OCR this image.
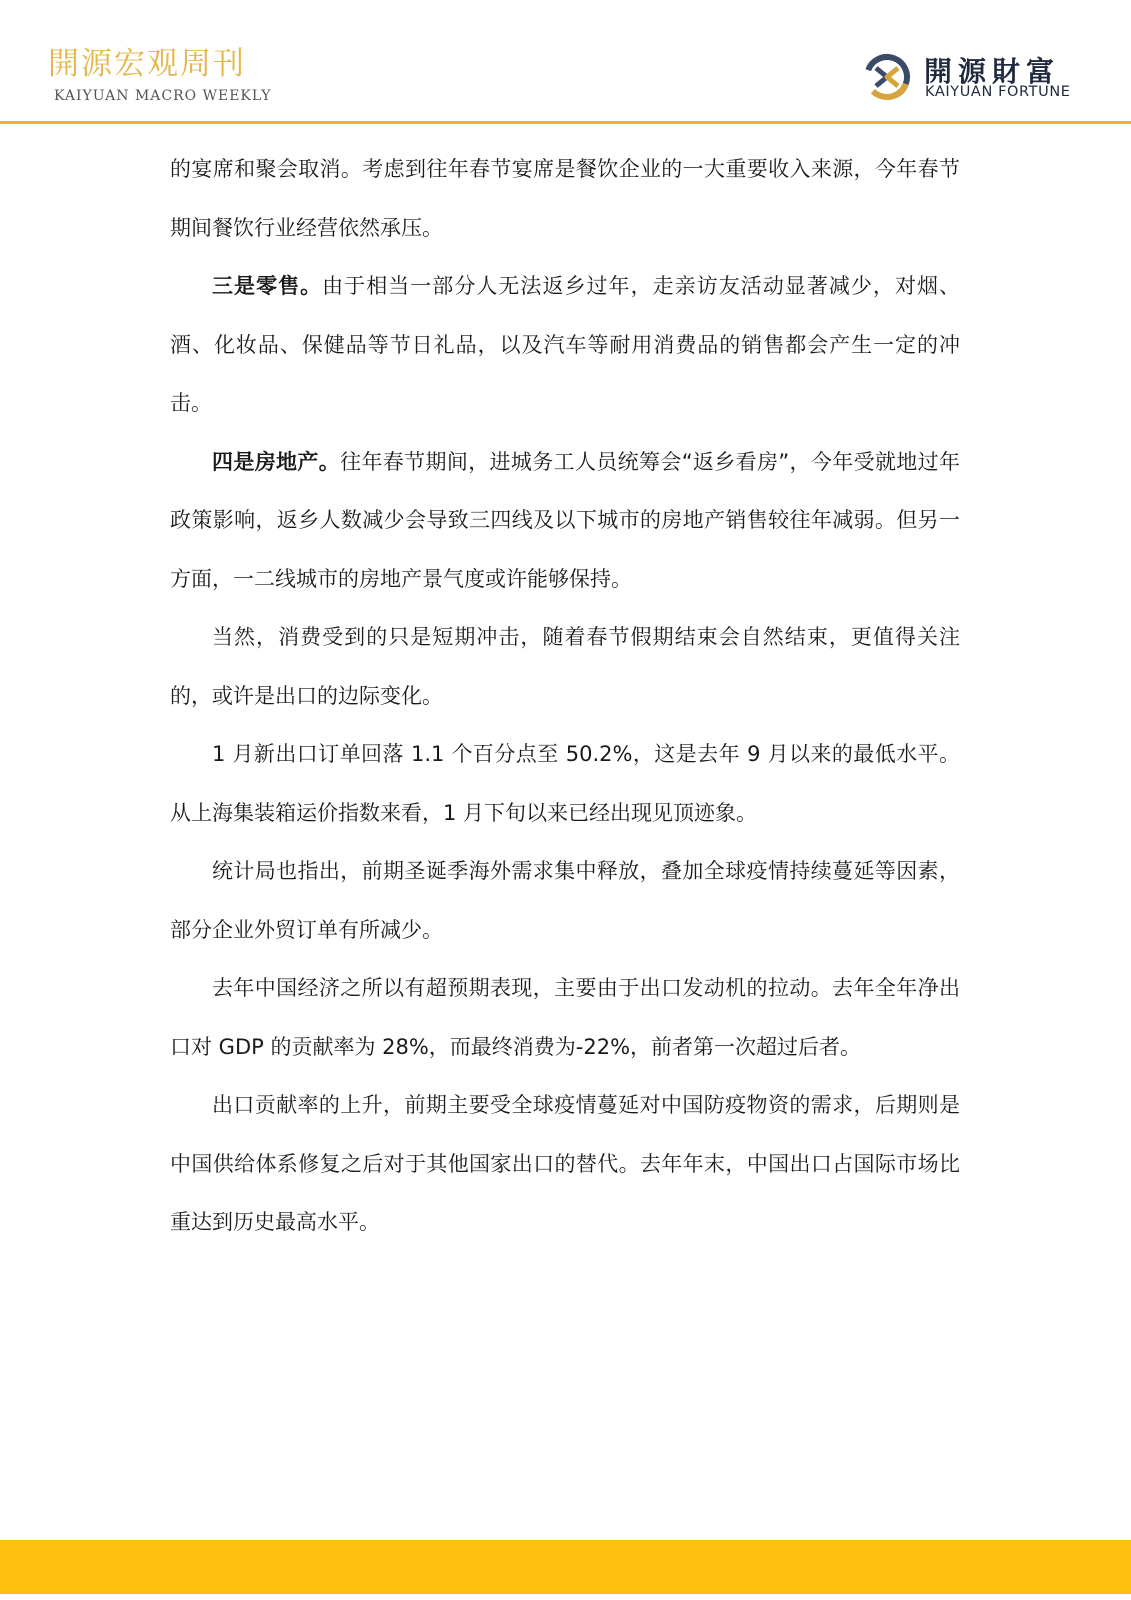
開源宏观周刊
KAIYUAN MACRO WEEKLY
開源財富
KAIYUAN FORTUNE

的宴席和聚会取消。考虑到往年春节宴席是餐饮企业的一大重要收入来源，今年春节期间餐饮行业经营依然承压。

三是零售。由于相当一部分人无法返乡过年，走亲访友活动显著减少，对烟、酒、化妆品、保健品等节日礼品，以及汽车等耐用消费品的销售都会产生一定的冲击。

四是房地产。往年春节期间，进城务工人员统筹会“返乡看房”，今年受就地过年政策影响，返乡人数减少会导致三四线及以下城市的房地产销售较往年减弱。但另一方面，一二线城市的房地产景气度或许能够保持。

当然，消费受到的只是短期冲击，随着春节假期结束会自然结束，更值得关注的，或许是出口的边际变化。

1 月新出口订单回落 1.1 个百分点至 50.2%，这是去年 9 月以来的最低水平。从上海集装箱运价指数来看，1 月下旬以来已经出现见顶迹象。

统计局也指出，前期圣诞季海外需求集中释放，叠加全球疫情持续蔓延等因素，部分企业外贸订单有所减少。

去年中国经济之所以有超预期表现，主要由于出口发动机的拉动。去年全年净出口对 GDP 的贡献率为 28%，而最终消费为-22%，前者第一次超过后者。

出口贡献率的上升，前期主要受全球疫情蔓延对中国防疫物资的需求，后期则是中国供给体系修复之后对于其他国家出口的替代。去年年末，中国出口占国际市场比重达到历史最高水平。
